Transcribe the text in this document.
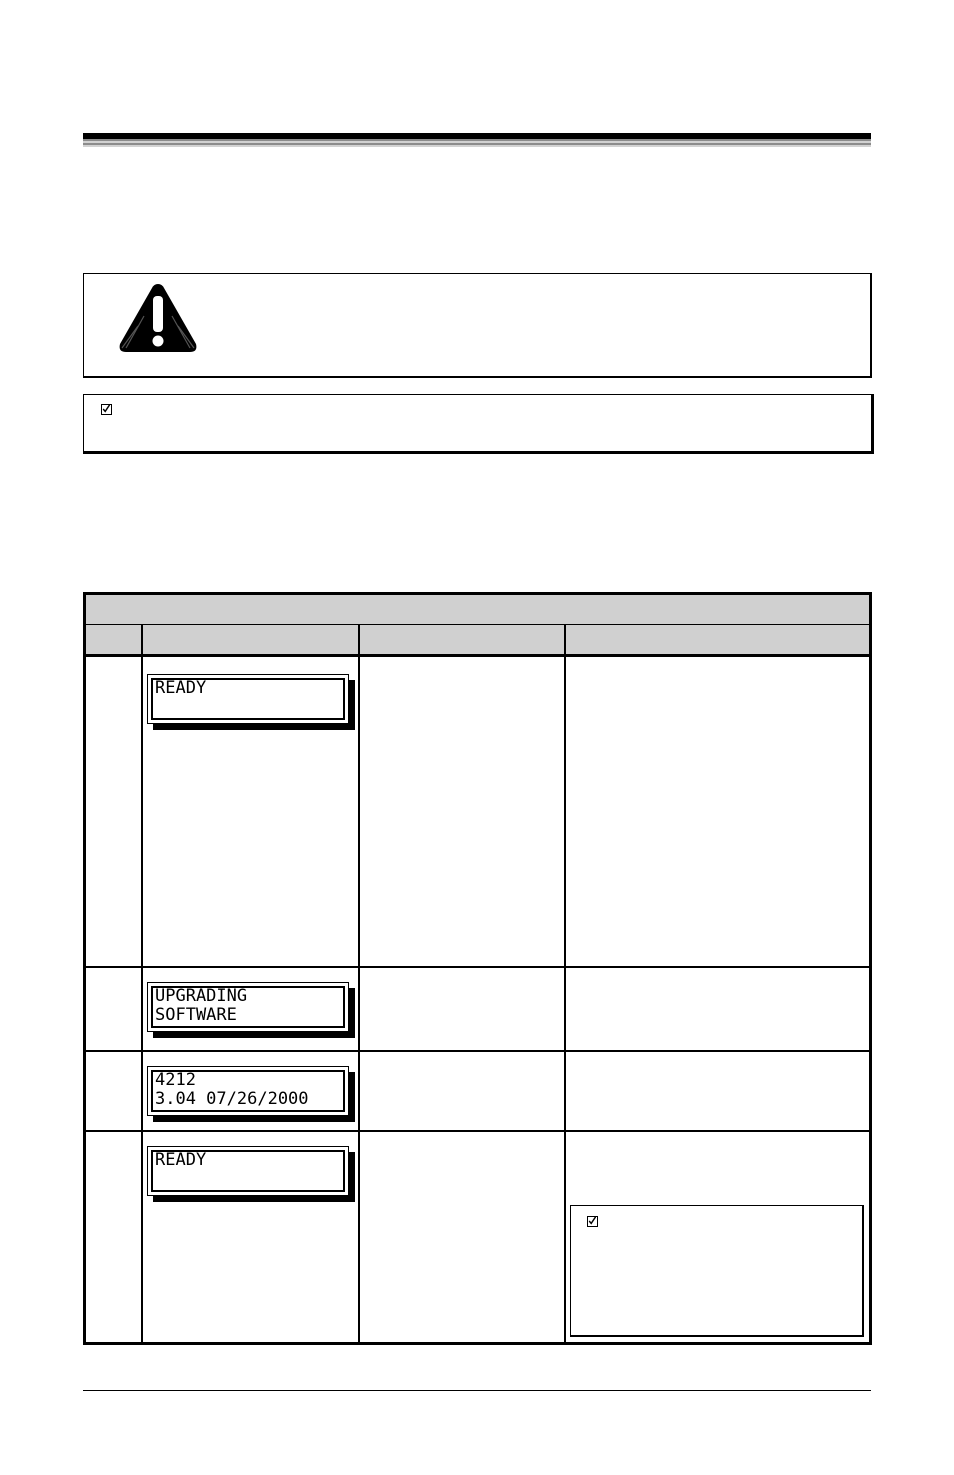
READY
UPGRADING
SOFTWARE
4212
3.04 07/26/2000
READY
